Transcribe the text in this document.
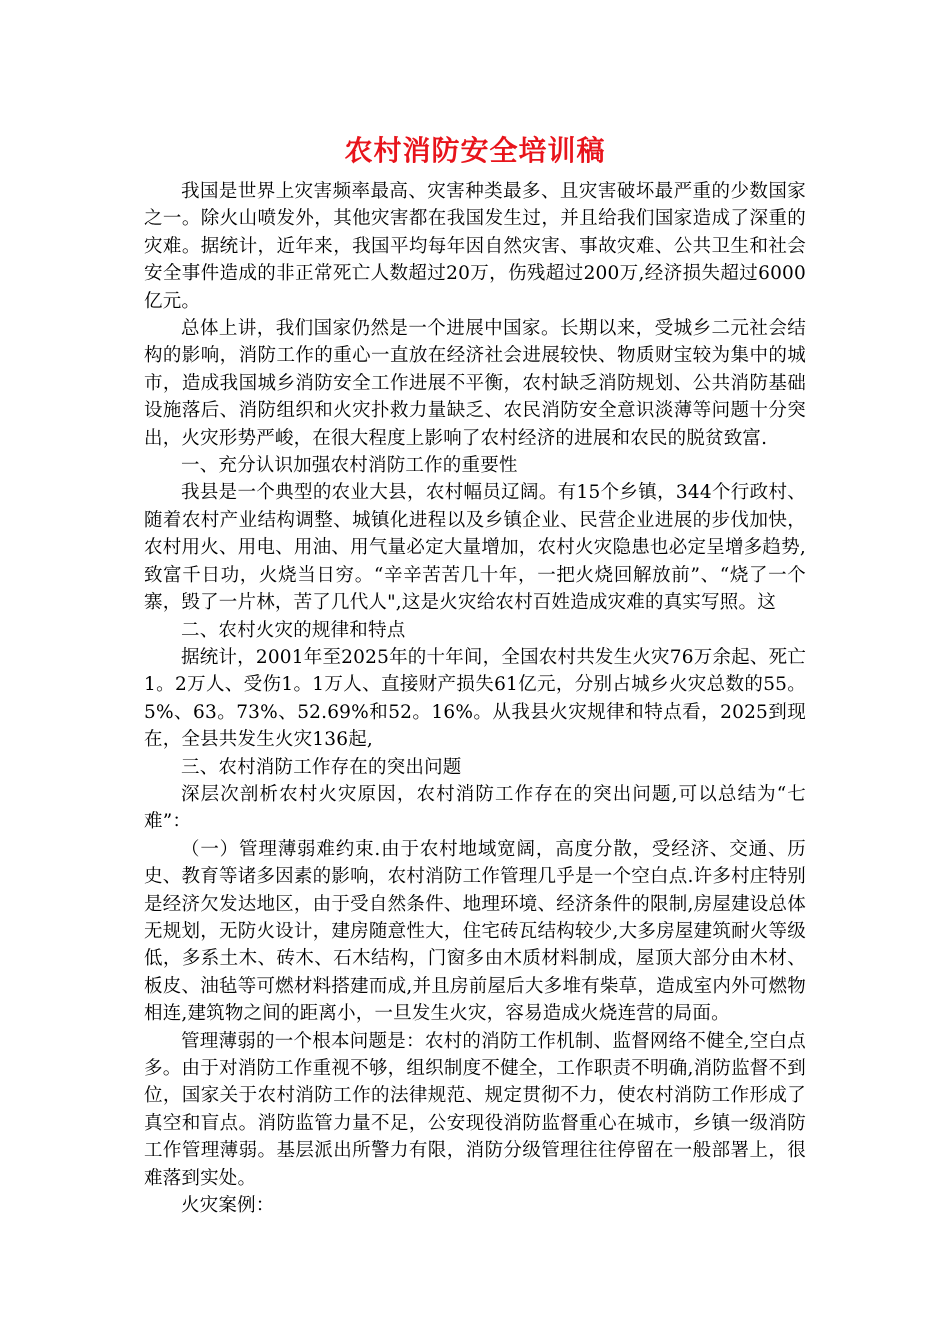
农村消防安全培训稿

我国是世界上灾害频率最高、灾害种类最多、且灾害破坏最严重的少数国家之一。除火山喷发外，其他灾害都在我国发生过，并且给我们国家造成了深重的灾难。据统计，近年来，我国平均每年因自然灾害、事故灾难、公共卫生和社会安全事件造成的非正常死亡人数超过20万，伤残超过200万,经济损失超过6000亿元。

总体上讲，我们国家仍然是一个进展中国家。长期以来，受城乡二元社会结构的影响，消防工作的重心一直放在经济社会进展较快、物质财宝较为集中的城市，造成我国城乡消防安全工作进展不平衡，农村缺乏消防规划、公共消防基础设施落后、消防组织和火灾扑救力量缺乏、农民消防安全意识淡薄等问题十分突出，火灾形势严峻，在很大程度上影响了农村经济的进展和农民的脱贫致富.

一、充分认识加强农村消防工作的重要性

我县是一个典型的农业大县，农村幅员辽阔。有15个乡镇，344个行政村、随着农村产业结构调整、城镇化进程以及乡镇企业、民营企业进展的步伐加快，农村用火、用电、用油、用气量必定大量增加，农村火灾隐患也必定呈增多趋势,致富千日功，火烧当日穷。“辛辛苦苦几十年，一把火烧回解放前”、“烧了一个寨，毁了一片林，苦了几代人",这是火灾给农村百姓造成灾难的真实写照。这

二、农村火灾的规律和特点

据统计，2001年至2025年的十年间，全国农村共发生火灾76万余起、死亡1。2万人、受伤1。1万人、直接财产损失61亿元，分别占城乡火灾总数的55。5%、63。73%、52.69%和52。16%。从我县火灾规律和特点看，2025到现在，全县共发生火灾136起,

三、农村消防工作存在的突出问题

深层次剖析农村火灾原因，农村消防工作存在的突出问题,可以总结为“七难”：

（一）管理薄弱难约束.由于农村地域宽阔，高度分散，受经济、交通、历史、教育等诸多因素的影响，农村消防工作管理几乎是一个空白点.许多村庄特别是经济欠发达地区，由于受自然条件、地理环境、经济条件的限制,房屋建设总体无规划，无防火设计，建房随意性大，住宅砖瓦结构较少,大多房屋建筑耐火等级低，多系土木、砖木、石木结构，门窗多由木质材料制成，屋顶大部分由木材、板皮、油毡等可燃材料搭建而成,并且房前屋后大多堆有柴草，造成室内外可燃物相连,建筑物之间的距离小，一旦发生火灾，容易造成火烧连营的局面。

管理薄弱的一个根本问题是：农村的消防工作机制、监督网络不健全,空白点多。由于对消防工作重视不够，组织制度不健全，工作职责不明确,消防监督不到位，国家关于农村消防工作的法律规范、规定贯彻不力，使农村消防工作形成了真空和盲点。消防监管力量不足，公安现役消防监督重心在城市，乡镇一级消防工作管理薄弱。基层派出所警力有限，消防分级管理往往停留在一般部署上，很难落到实处。

火灾案例：
